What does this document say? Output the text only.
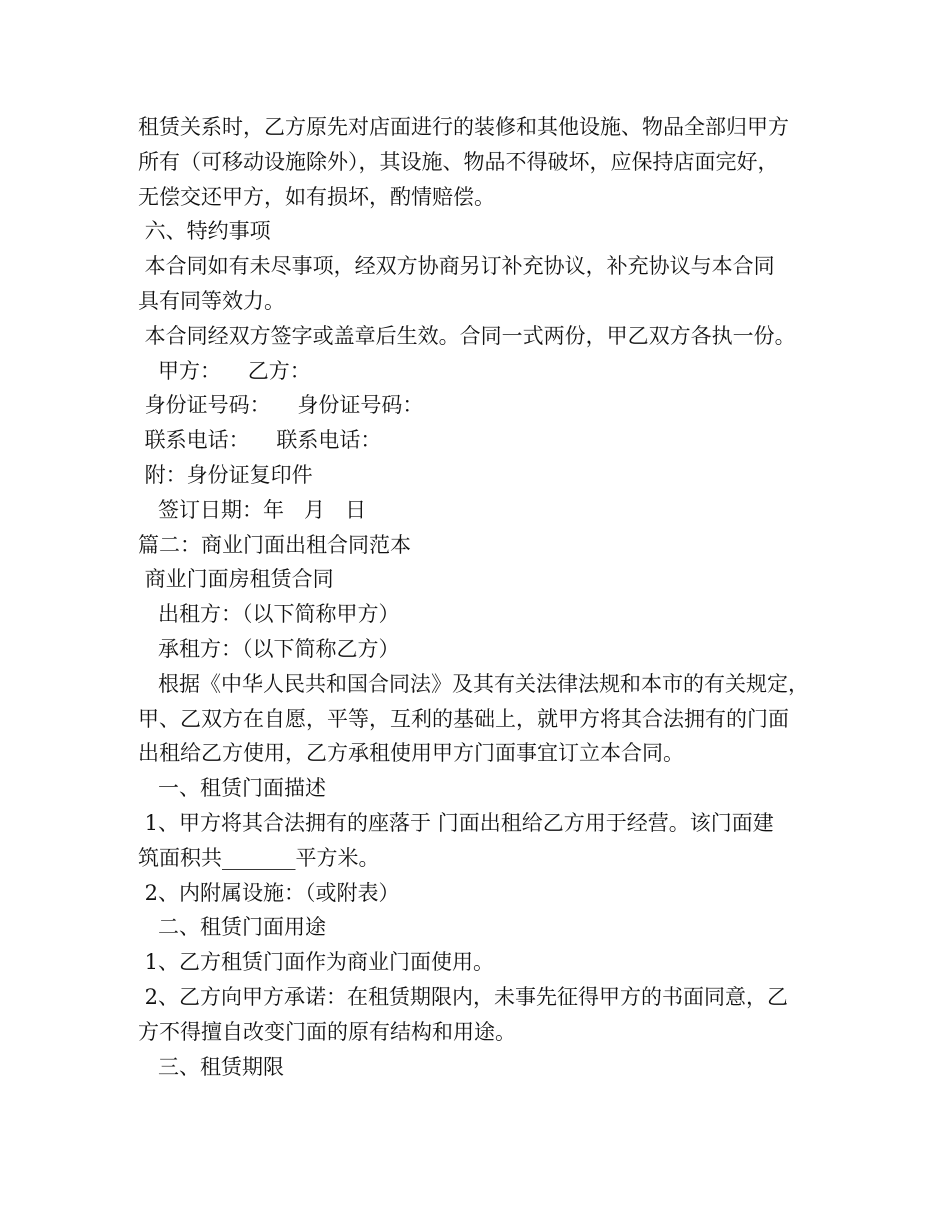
租赁关系时，乙方原先对店面进行的装修和其他设施、物品全部归甲方
所有（可移动设施除外），其设施、物品不得破坏，应保持店面完好，
无偿交还甲方，如有损坏，酌情赔偿。
六、特约事项
本合同如有未尽事项，经双方协商另订补充协议，补充协议与本合同
具有同等效力。
本合同经双方签字或盖章后生效。合同一式两份，甲乙双方各执一份。
甲方：    乙方：
身份证号码：    身份证号码：
联系电话：    联系电话：
附：身份证复印件
签订日期：年   月   日
篇二：商业门面出租合同范本
商业门面房租赁合同
出租方：（以下简称甲方）
承租方：（以下简称乙方）
根据《中华人民共和国合同法》及其有关法律法规和本市的有关规定，
甲、乙双方在自愿，平等，互利的基础上，就甲方将其合法拥有的门面
出租给乙方使用，乙方承租使用甲方门面事宜订立本合同。
一、租赁门面描述
1、甲方将其合法拥有的座落于 门面出租给乙方用于经营。该门面建
筑面积共_______平方米。
2、内附属设施：（或附表）
二、租赁门面用途
1、乙方租赁门面作为商业门面使用。
2、乙方向甲方承诺：在租赁期限内，未事先征得甲方的书面同意，乙
方不得擅自改变门面的原有结构和用途。
三、租赁期限
